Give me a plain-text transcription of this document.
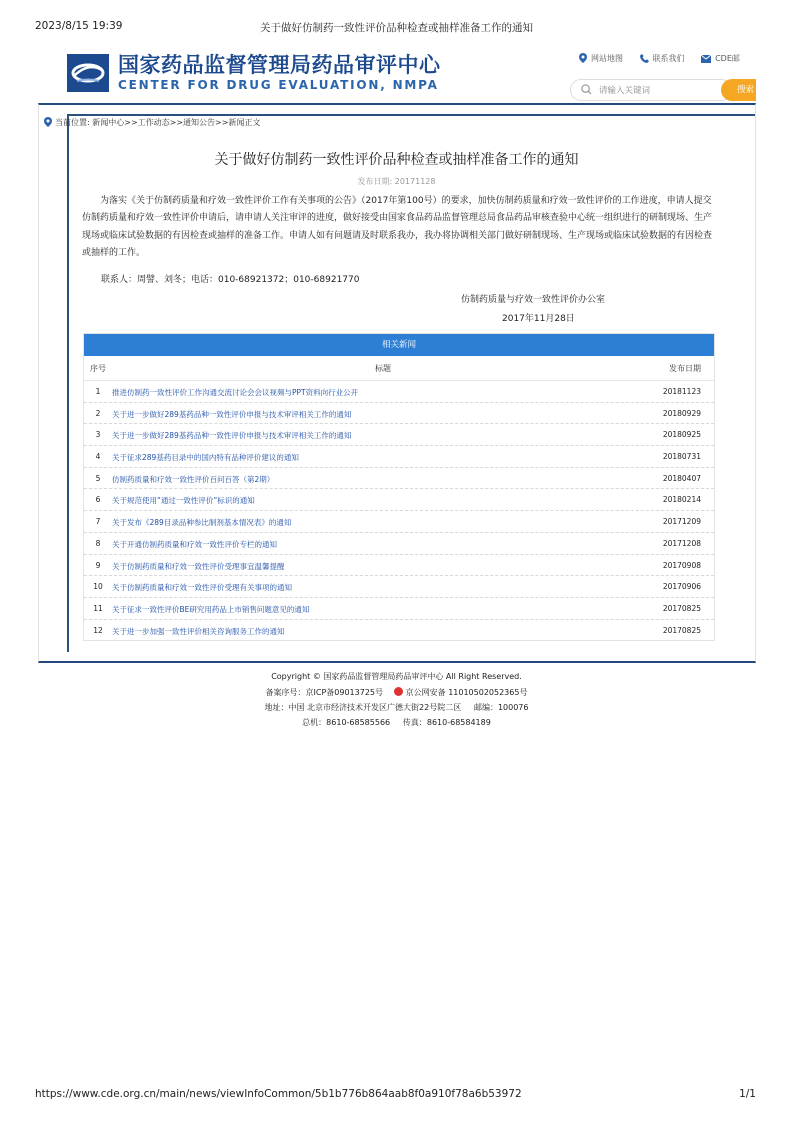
2023/8/15 19:39	关于做好仿制药一致性评价品种检查或抽样准备工作的通知
国家药品监督管理局药品审评中心
CENTER FOR DRUG EVALUATION, NMPA
网站地图	联系我们	CDE邮
请输入关键词	搜索
当前位置: 新闻中心>>工作动态>>通知公告>>新闻正文
关于做好仿制药一致性评价品种检查或抽样准备工作的通知
发布日期: 20171128
为落实《关于仿制药质量和疗效一致性评价工作有关事项的公告》（2017年第100号）的要求，加快仿制药质量和疗效一致性评价的工作进度，申请人提交仿制药质量和疗效一致性评价申请后，请申请人关注审评的进度，做好接受由国家食品药品监督管理总局食品药品审核查验中心统一组织进行的研制现场、生产现场或临床试验数据的有因检查或抽样的准备工作。申请人如有问题请及时联系我办，我办将协调相关部门做好研制现场、生产现场或临床试验数据的有因检查或抽样的工作。
联系人：周譬、刘冬；电话：010-68921372；010-68921770
仿制药质量与疗效一致性评价办公室
2017年11月28日
相关新闻
序号	标题	发布日期
1	推进仿制药一致性评价工作沟通交流讨论会会议视频与PPT资料向行业公开	20181123
2	关于进一步做好289基药品种一致性评价申报与技术审评相关工作的通知	20180929
3	关于进一步做好289基药品种一致性评价申报与技术审评相关工作的通知	20180925
4	关于征求289基药目录中的国内特有品种评价建议的通知	20180731
5	仿制药质量和疗效一致性评价百问百答（第2期）	20180407
6	关于规范使用“通过一致性评价”标识的通知	20180214
7	关于发布《289目录品种参比制剂基本情况表》的通知	20171209
8	关于开通仿制药质量和疗效一致性评价专栏的通知	20171208
9	关于仿制药质量和疗效一致性评价受理事宜温馨提醒	20170908
10	关于仿制药质量和疗效一致性评价受理有关事项的通知	20170906
11	关于征求一致性评价BE研究用药品上市销售问题意见的通知	20170825
12	关于进一步加强一致性评价相关咨询服务工作的通知	20170825
Copyright © 国家药品监督管理局药品审评中心 All Right Reserved.
备案序号：京ICP备09013725号	京公网安备 11010502052365号
地址：中国 北京市经济技术开发区广德大街22号院二区 邮编：100076
总机：8610-68585566 传真：8610-68584189
https://www.cde.org.cn/main/news/viewInfoCommon/5b1b776b864aab8f0a910f78a6b53972	1/1
